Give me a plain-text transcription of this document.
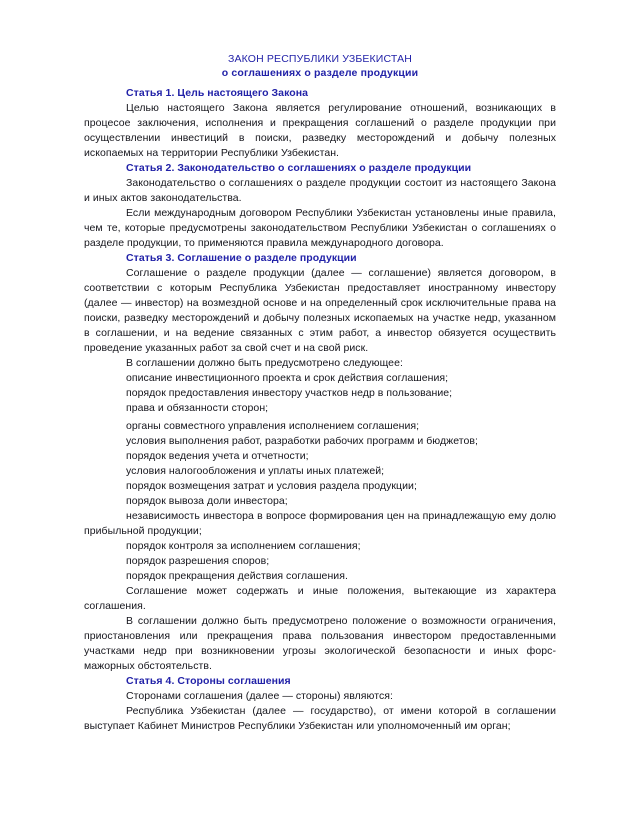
ЗАКОН РЕСПУБЛИКИ УЗБЕКИСТАН
о соглашениях о разделе продукции
Статья 1. Цель настоящего Закона

Целью настоящего Закона является регулирование отношений, возникающих в процесое заключения, исполнения и прекращения соглашений о разделе продукции при осуществлении инвестиций в поиски, разведку месторождений и добычу полезных ископаемых на территории Республики Узбекистан.

Статья 2. Законодательство о соглашениях о разделе продукции

Законодательство о соглашениях о разделе продукции состоит из настоящего Закона и иных актов законодательства.

Если международным договором Республики Узбекистан установлены иные правила, чем те, которые предусмотрены законодательством Республики Узбекистан о соглашениях о разделе продукции, то применяются правила международного договора.

Статья 3. Соглашение о разделе продукции

Соглашение о разделе продукции (далее — соглашение) является договором, в соответствии с которым Республика Узбекистан предоставляет иностранному инвестору (далее — инвестор) на возмездной основе и на определенный срок исключительные права на поиски, разведку месторождений и добычу полезных ископаемых на участке недр, указанном в соглашении, и на ведение связанных с этим работ, а инвестор обязуется осуществить проведение указанных работ за свой счет и на свой риск.

В соглашении должно быть предусмотрено следующее:

описание инвестиционного проекта и срок действия соглашения;

порядок предоставления инвестору участков недр в пользование;

права и обязанности сторон;

органы совместного управления исполнением соглашения;

условия выполнения работ, разработки рабочих программ и бюджетов;

порядок ведения учета и отчетности;

условия налогообложения и уплаты иных платежей;

порядок возмещения затрат и условия раздела продукции;

порядок вывоза доли инвестора;

независимость инвестора в вопросе формирования цен на принадлежащую ему долю прибыльной продукции;

порядок контроля за исполнением соглашения;

порядок разрешения споров;

порядок прекращения действия соглашения.

Соглашение может содержать и иные положения, вытекающие из характера соглашения.

В соглашении должно быть предусмотрено положение о возможности ограничения, приостановления или прекращения права пользования инвестором предоставленными участками недр при возникновении угрозы экологической безопасности и иных форс-мажорных обстоятельств.

Статья 4. Стороны соглашения

Сторонами соглашения (далее — стороны) являются:

Республика Узбекистан (далее — государство), от имени которой в соглашении выступает Кабинет Министров Республики Узбекистан или уполномоченный им орган;
